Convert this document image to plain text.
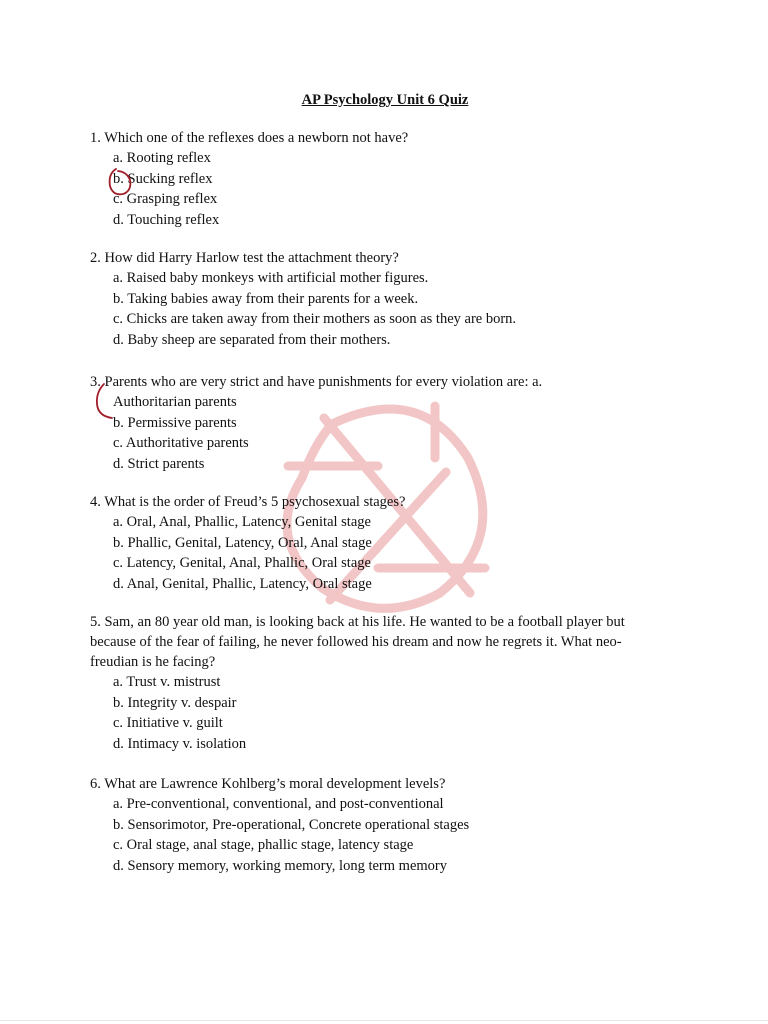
AP Psychology Unit 6 Quiz
1. Which one of the reflexes does a newborn not have?
a. Rooting reflex
b. Sucking reflex
c. Grasping reflex
d. Touching reflex
2. How did Harry Harlow test the attachment theory?
a. Raised baby monkeys with artificial mother figures.
b. Taking babies away from their parents for a week.
c. Chicks are taken away from their mothers as soon as they are born.
d. Baby sheep are separated from their mothers.
3. Parents who are very strict and have punishments for every violation are: a.
Authoritarian parents
b. Permissive parents
c. Authoritative parents
d. Strict parents
4. What is the order of Freud’s 5 psychosexual stages?
a. Oral, Anal, Phallic, Latency, Genital stage
b. Phallic, Genital, Latency, Oral, Anal stage
c. Latency, Genital, Anal, Phallic, Oral stage
d. Anal, Genital, Phallic, Latency, Oral stage
5. Sam, an 80 year old man, is looking back at his life. He wanted to be a football player but because of the fear of failing, he never followed his dream and now he regrets it. What neo-freudian is he facing?
a. Trust v. mistrust
b. Integrity v. despair
c. Initiative v. guilt
d. Intimacy v. isolation
6. What are Lawrence Kohlberg’s moral development levels?
a. Pre-conventional, conventional, and post-conventional
b. Sensorimotor, Pre-operational, Concrete operational stages
c. Oral stage, anal stage, phallic stage, latency stage
d. Sensory memory, working memory, long term memory
